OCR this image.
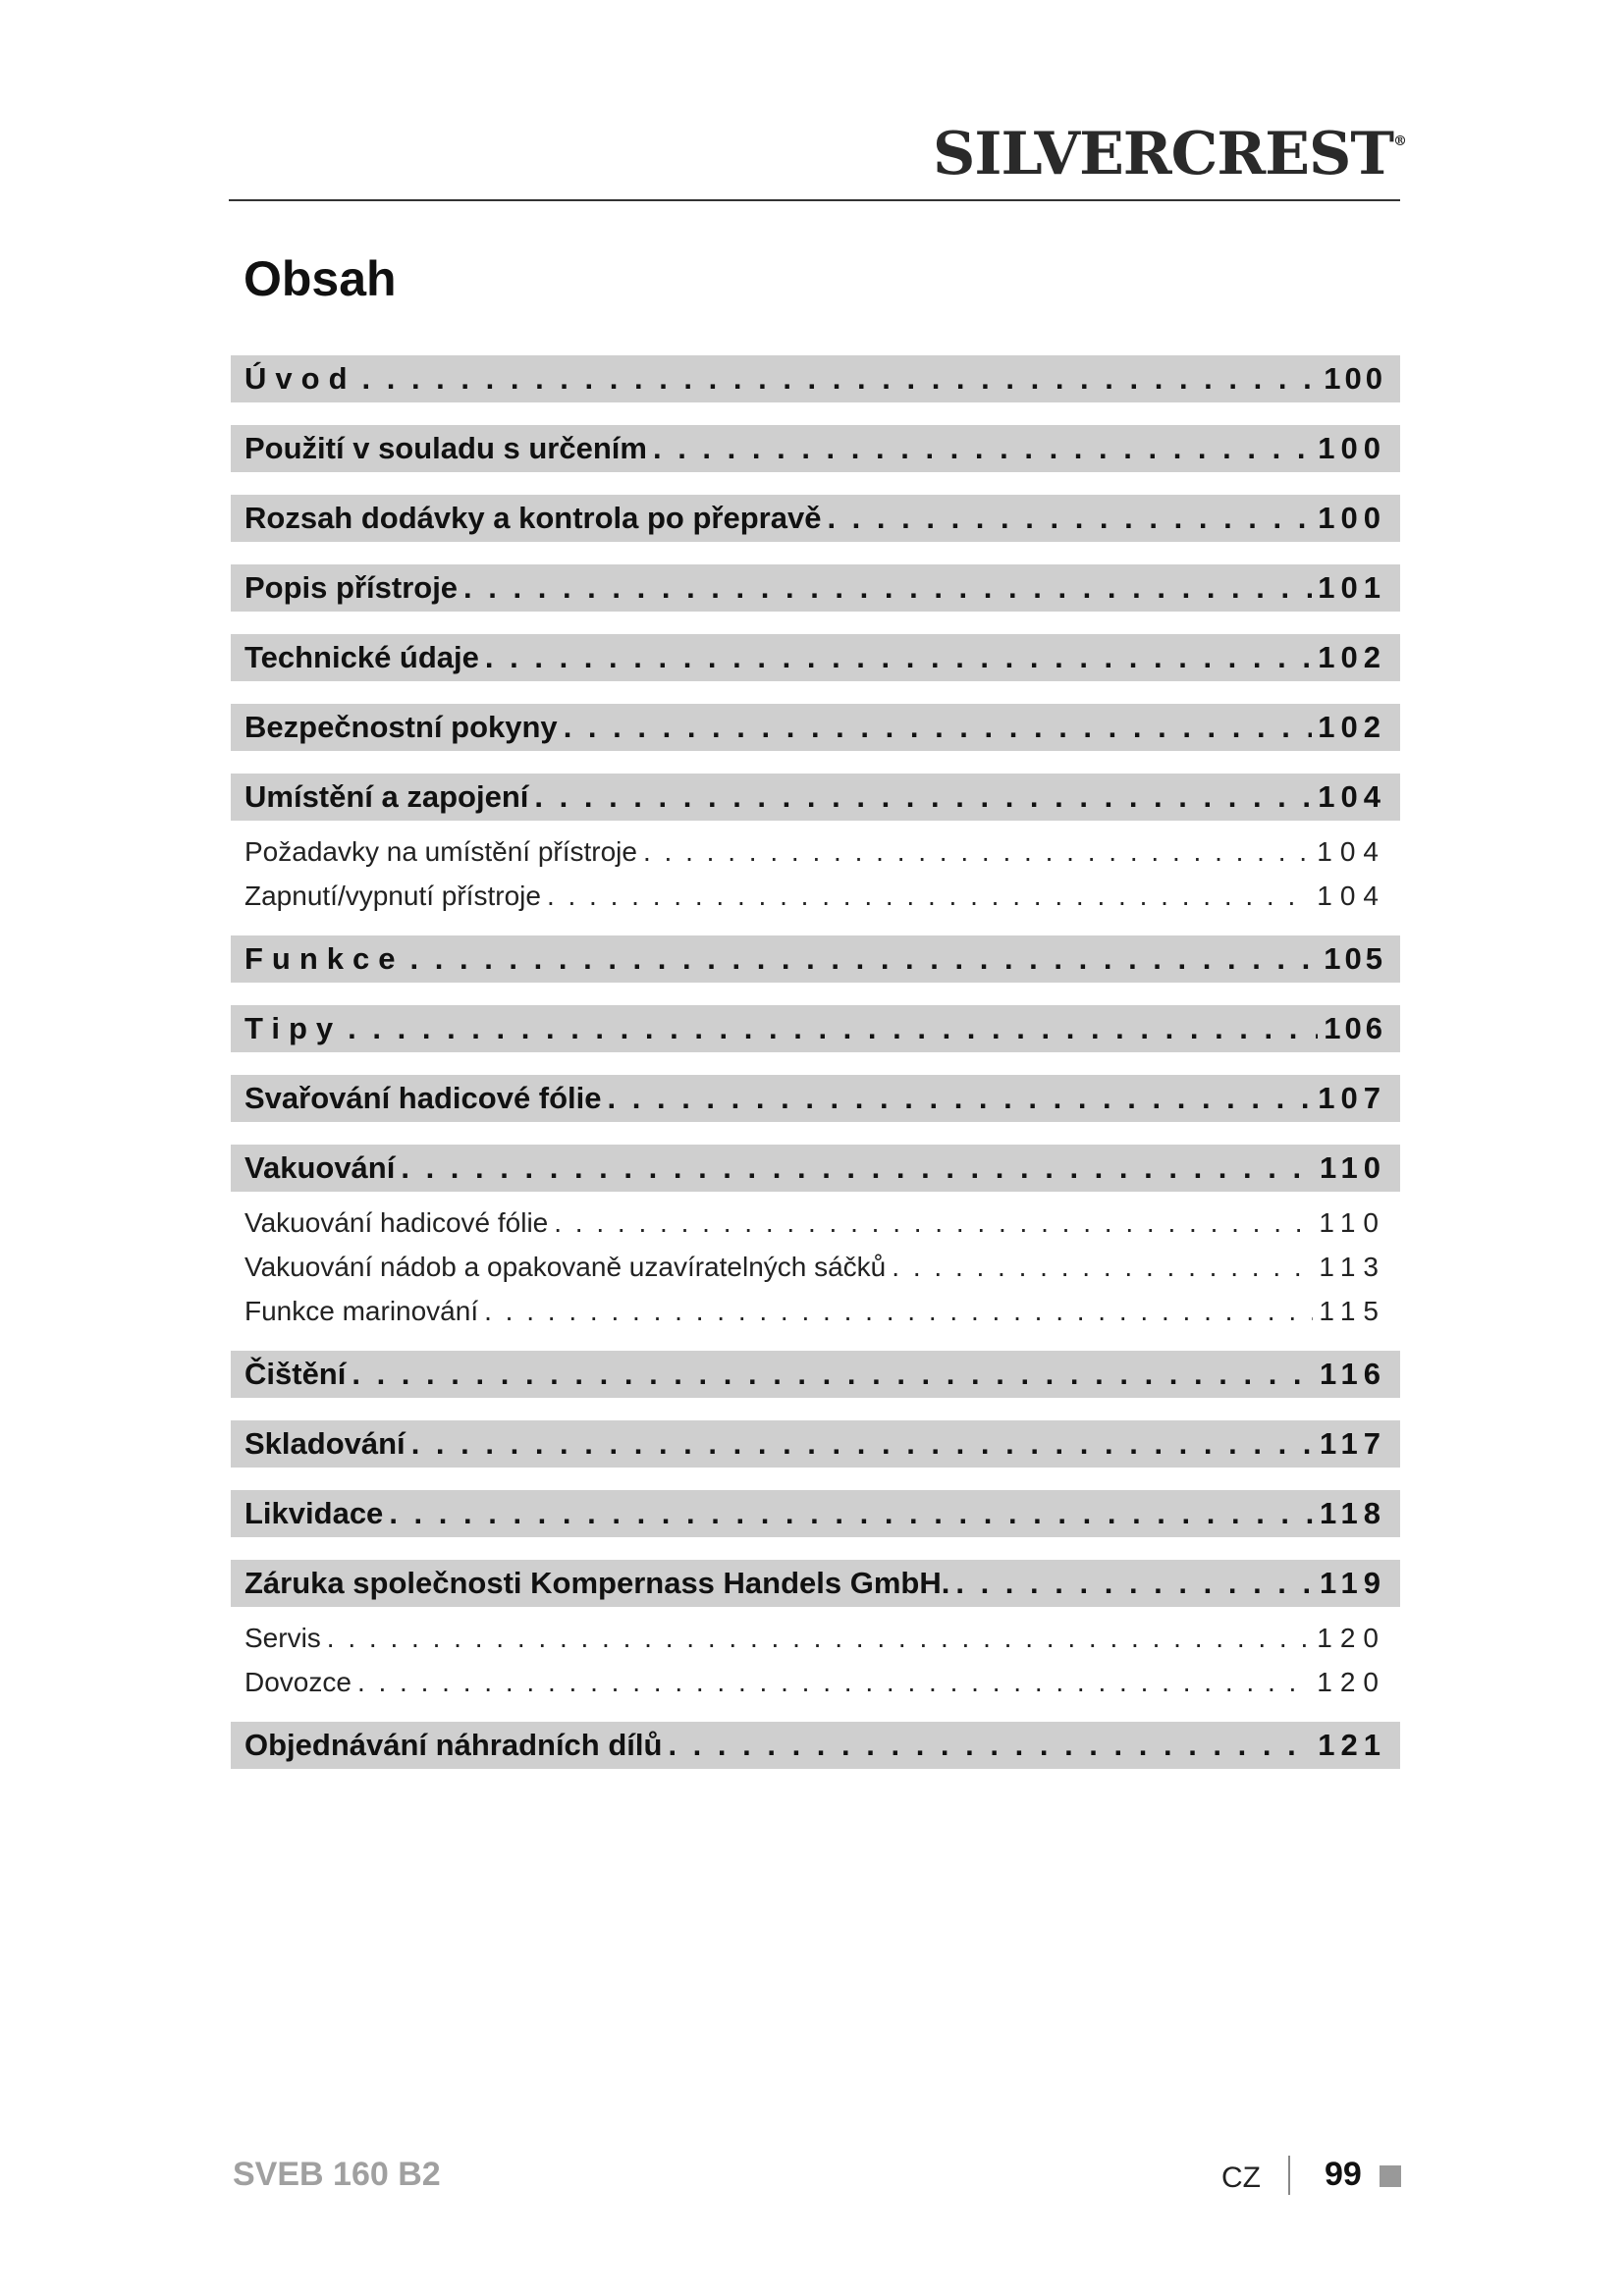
SILVERCREST®
Obsah
Úvod . . .	100
Použití v souladu s určením . . .	100
Rozsah dodávky a kontrola po přepravě . . .	100
Popis přístroje . . .	101
Technické údaje . . .	102
Bezpečnostní pokyny . . .	102
Umístění a zapojení . . .	104
Požadavky na umístění přístroje . . .	104
Zapnutí/vypnutí přístroje . . .	104
Funkce . . .	105
Tipy . . .	106
Svařování hadicové fólie . . .	107
Vakuování . . .	110
Vakuování hadicové fólie . . .	110
Vakuování nádob a opakovaně uzavíratelných sáčků . . .	113
Funkce marinování . . .	115
Čištění . . .	116
Skladování . . .	117
Likvidace . . .	118
Záruka společnosti Kompernass Handels GmbH. . . .	119
Servis . . .	120
Dovozce . . .	120
Objednávání náhradních dílů . . .	121
SVEB 160 B2	CZ 99
